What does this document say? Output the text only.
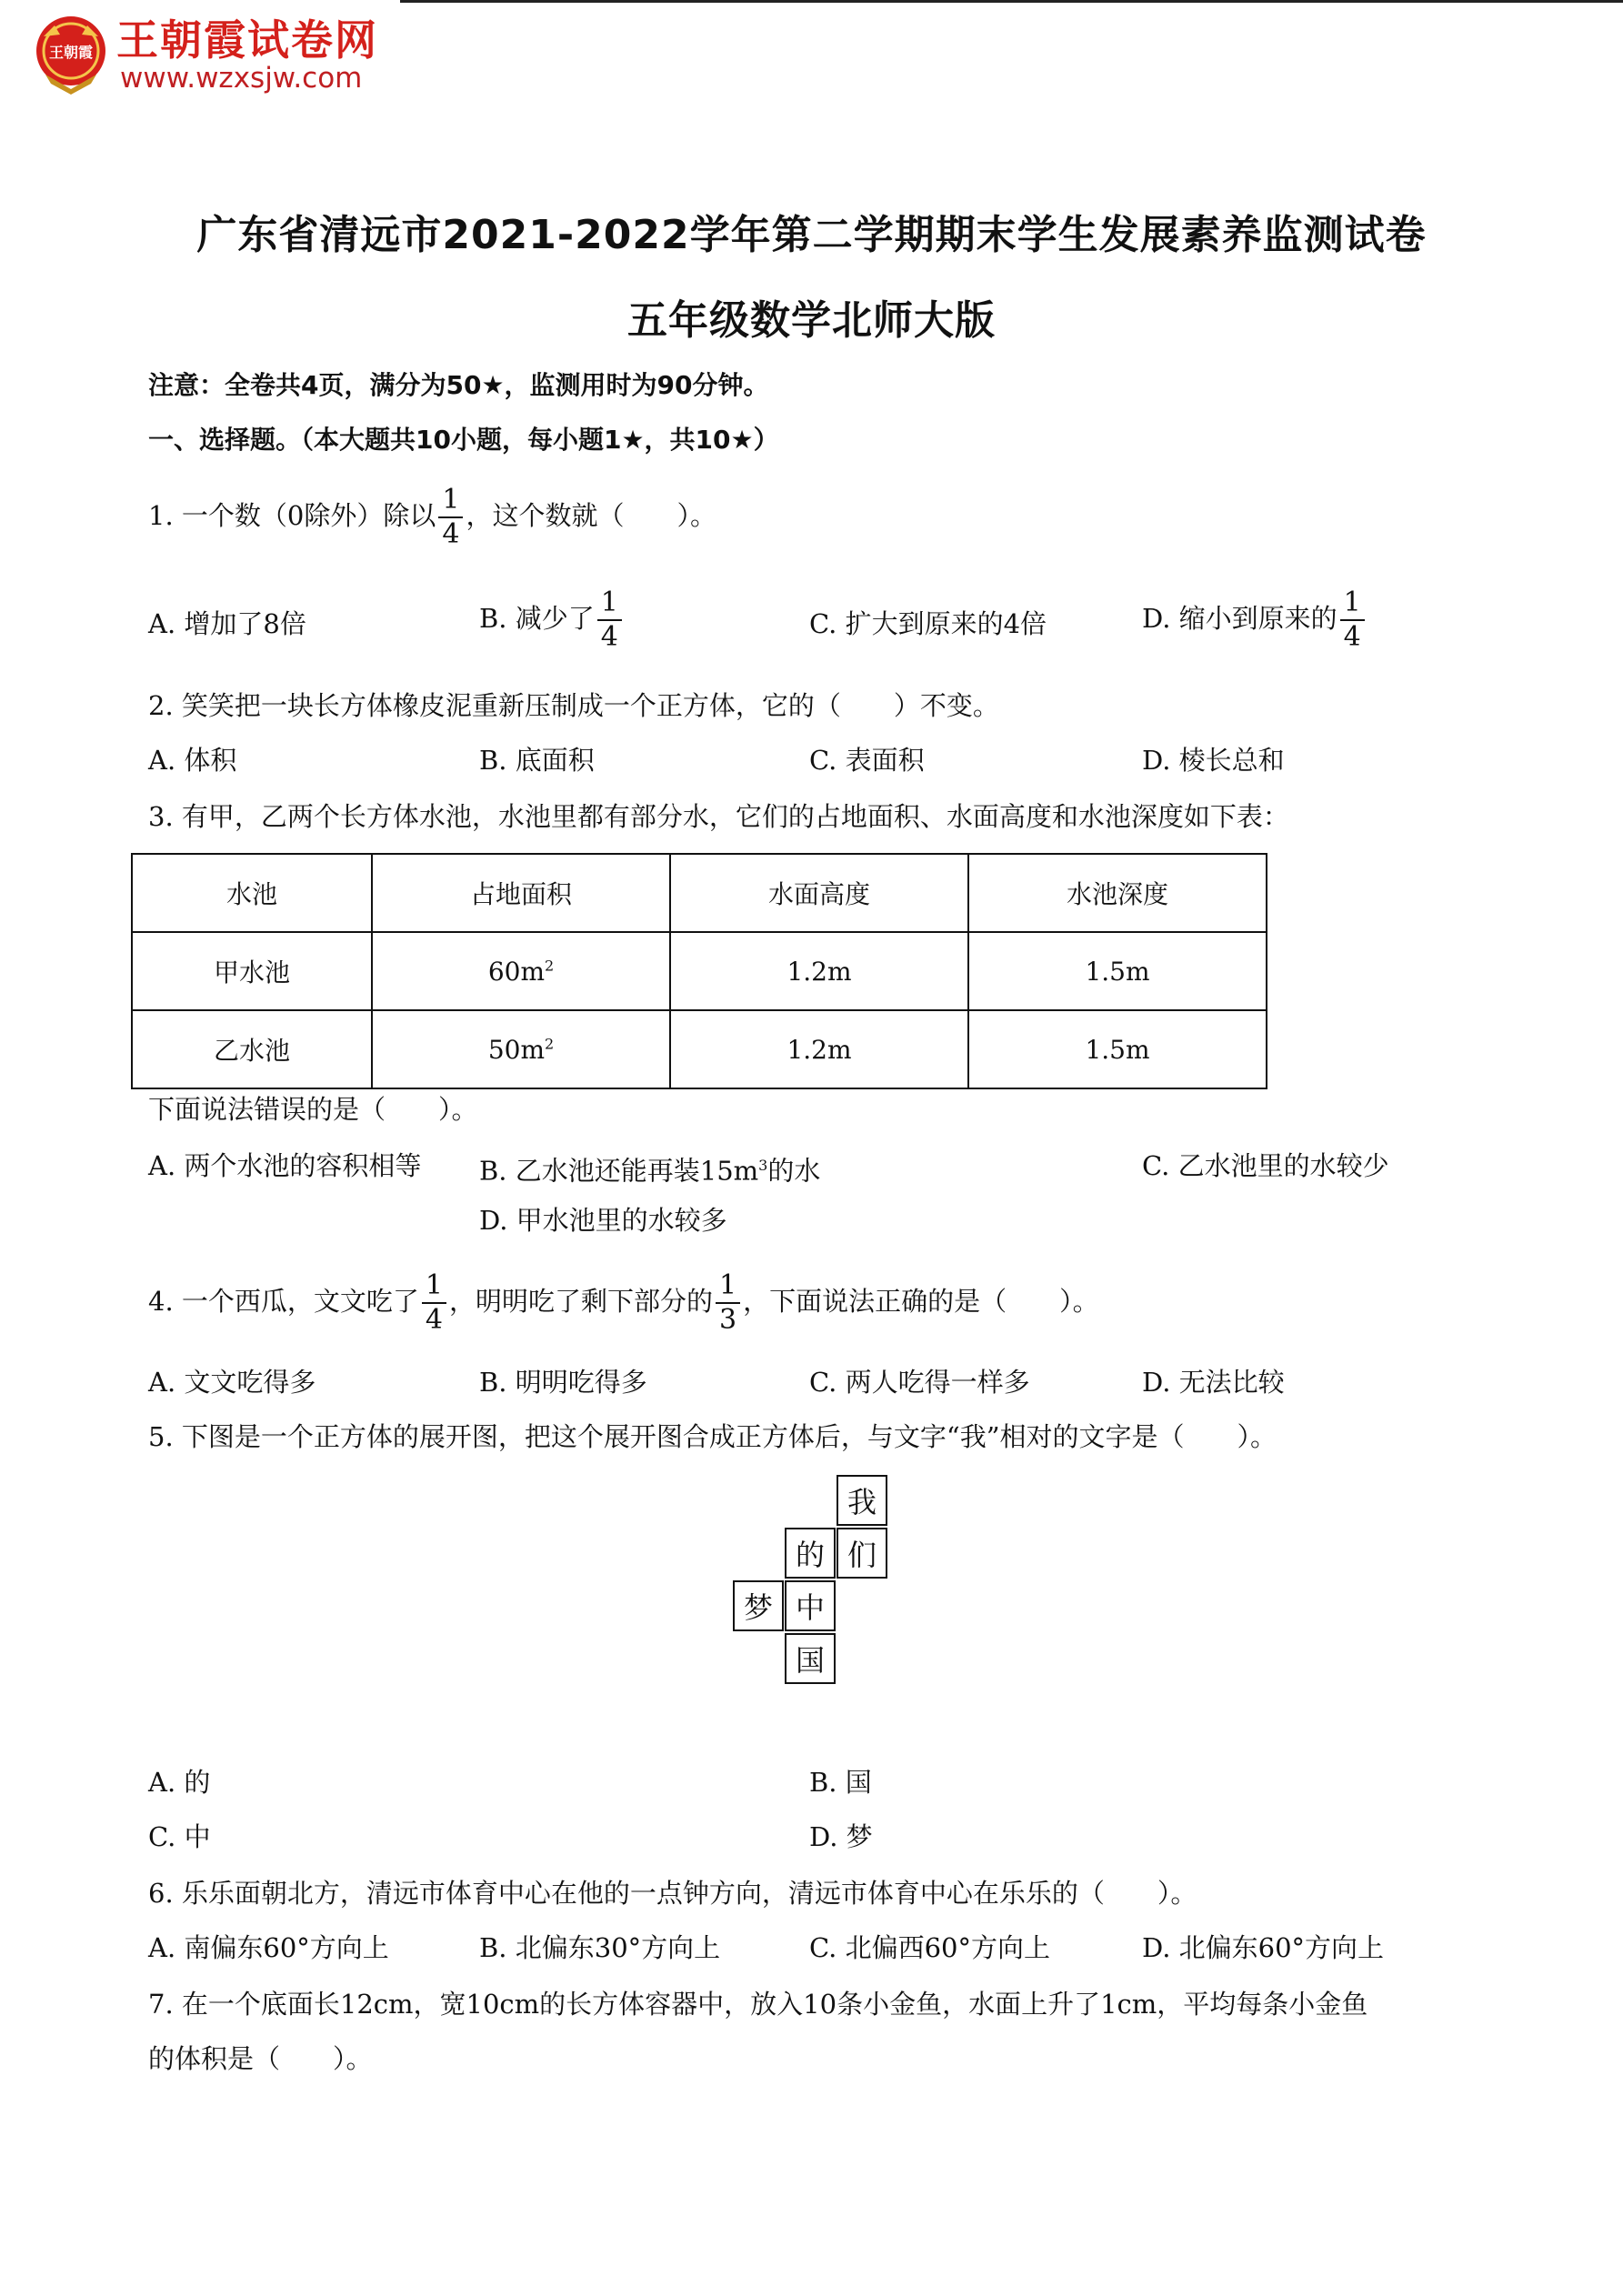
王朝霞 王朝霞试卷网
www.wzxsjw.com
广东省清远市2021-2022学年第二学期期末学生发展素养监测试卷
五年级数学北师大版
注意：全卷共4页，满分为50★，监测用时为90分钟。
一、选择题。（本大题共10小题，每小题1★，共10★）
1. 一个数（0除外）除以 $\frac{1}{4}$ ，这个数就（　　）。
A. 增加了8倍	B. 减少了 $\frac{1}{4}$	C. 扩大到原来的4倍	D. 缩小到原来的 $\frac{1}{4}$
2. 笑笑把一块长方体橡皮泥重新压制成一个正方体，它的（　　）不变。
A. 体积	B. 底面积	C. 表面积	D. 棱长总和
3. 有甲，乙两个长方体水池，水池里都有部分水，它们的占地面积、水面高度和水池深度如下表：
水池	占地面积	水面高度	水池深度
甲水池	$60m^2$	1.2m	1.5m
乙水池	$50m^2$	1.2m	1.5m
下面说法错误的是（　　）。
A. 两个水池的容积相等 B. 乙水池还能再装$15m^3$的水	C. 乙水池里的水较少
D. 甲水池里的水较多
4. 一个西瓜，文文吃了 $\frac{1}{4}$ ，明明吃了剩下部分的 $\frac{1}{3}$ ，下面说法正确的是（　　）。
A. 文文吃得多	B. 明明吃得多	C. 两人吃得一样多	D. 无法比较
5. 下图是一个正方体的展开图，把这个展开图合成正方体后，与文字“我”相对的文字是（　　）。
我
的 们
梦 中
国
A. 的	B. 国
C. 中	D. 梦
6. 乐乐面朝北方，清远市体育中心在他的一点钟方向，清远市体育中心在乐乐的（　　）。
A. 南偏东60°方向上	B. 北偏东30°方向上	C. 北偏西60°方向上	D. 北偏东60°方向上
7. 在一个底面长12cm，宽10cm的长方体容器中，放入10条小金鱼，水面上升了1cm，平均每条小金鱼
的体积是（　　）。
